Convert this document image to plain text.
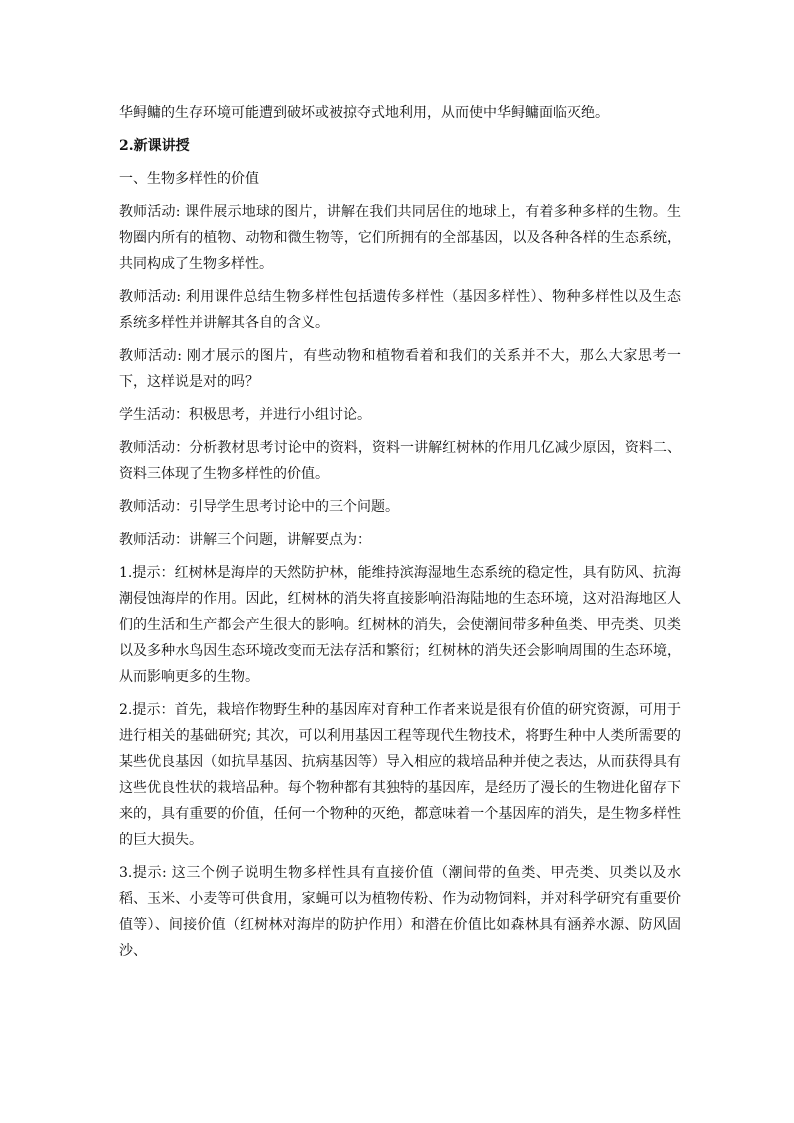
华鲟鳙的生存环境可能遭到破坏或被掠夺式地利用，从而使中华鲟鳙面临灭绝。

2.新课讲授

一、生物多样性的价值

教师活动: 课件展示地球的图片，讲解在我们共同居住的地球上，有着多种多样的生物。生物圈内所有的植物、动物和微生物等，它们所拥有的全部基因，以及各种各样的生态系统，共同构成了生物多样性。

教师活动: 利用课件总结生物多样性包括遗传多样性（基因多样性）、物种多样性以及生态系统多样性并讲解其各自的含义。

教师活动: 刚才展示的图片，有些动物和植物看着和我们的关系并不大，那么大家思考一下，这样说是对的吗？

学生活动：积极思考，并进行小组讨论。

教师活动：分析教材思考讨论中的资料，资料一讲解红树林的作用几亿减少原因，资料二、资料三体现了生物多样性的价值。

教师活动：引导学生思考讨论中的三个问题。

教师活动：讲解三个问题，讲解要点为：

1.提示：红树林是海岸的天然防护林，能维持滨海湿地生态系统的稳定性，具有防风、抗海潮侵蚀海岸的作用。因此，红树林的消失将直接影响沿海陆地的生态环境，这对沿海地区人们的生活和生产都会产生很大的影响。红树林的消失，会使潮间带多种鱼类、甲壳类、贝类以及多种水鸟因生态环境改变而无法存活和繁衍；红树林的消失还会影响周围的生态环境，从而影响更多的生物。

2.提示：首先，栽培作物野生种的基因库对育种工作者来说是很有价值的研究资源，可用于进行相关的基础研究; 其次，可以利用基因工程等现代生物技术，将野生种中人类所需要的某些优良基因（如抗旱基因、抗病基因等）导入相应的栽培品种并使之表达，从而获得具有这些优良性状的栽培品种。每个物种都有其独特的基因库，是经历了漫长的生物进化留存下来的，具有重要的价值，任何一个物种的灭绝，都意味着一个基因库的消失，是生物多样性的巨大损失。

3.提示: 这三个例子说明生物多样性具有直接价值（潮间带的鱼类、甲壳类、贝类以及水稻、玉米、小麦等可供食用，家蝇可以为植物传粉、作为动物饲料，并对科学研究有重要价值等）、间接价值（红树林对海岸的防护作用）和潜在价值比如森林具有涵养水源、防风固沙、
